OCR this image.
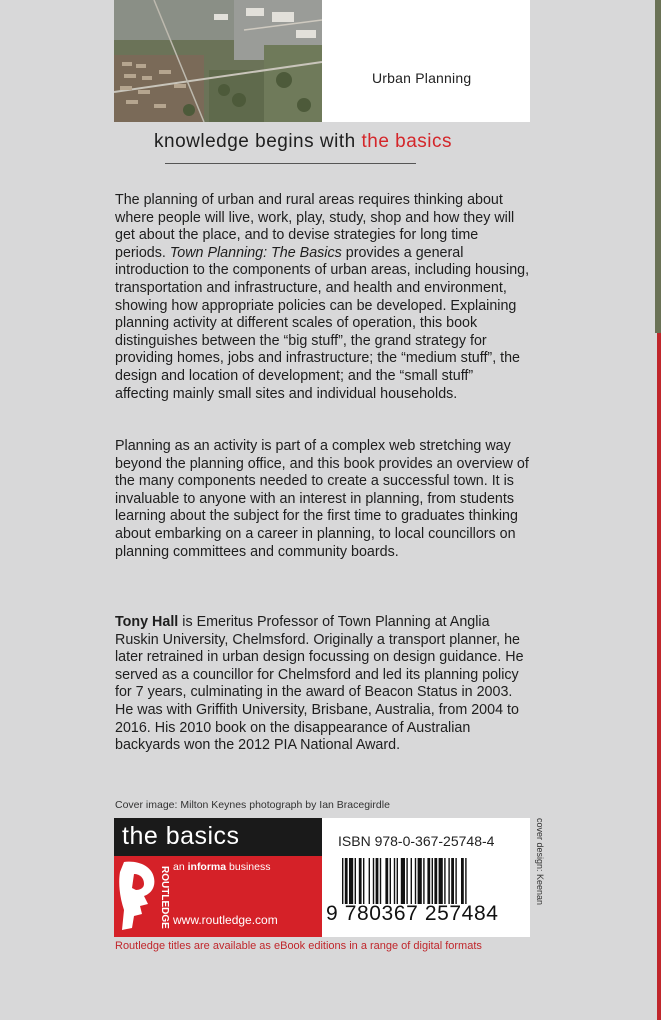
Urban Planning
knowledge begins with the basics

The planning of urban and rural areas requires thinking about where people will live, work, play, study, shop and how they will get about the place, and to devise strategies for long time periods. Town Planning: The Basics provides a general introduction to the components of urban areas, including housing, transportation and infrastructure, and health and environment, showing how appropriate policies can be developed. Explaining planning activity at different scales of operation, this book distinguishes between the “big stuff”, the grand strategy for providing homes, jobs and infrastructure; the “medium stuff”, the design and location of development; and the “small stuff” affecting mainly small sites and individual households.

Planning as an activity is part of a complex web stretching way beyond the planning office, and this book provides an overview of the many components needed to create a successful town. It is invaluable to anyone with an interest in planning, from students learning about the subject for the first time to graduates thinking about embarking on a career in planning, to local councillors on planning committees and community boards.

Tony Hall is Emeritus Professor of Town Planning at Anglia Ruskin University, Chelmsford. Originally a transport planner, he later retrained in urban design focussing on design guidance. He served as a councillor for Chelmsford and led its planning policy for 7 years, culminating in the award of Beacon Status in 2003. He was with Griffith University, Brisbane, Australia, from 2004 to 2016. His 2010 book on the disappearance of Australian backyards won the 2012 PIA National Award.

Cover image: Milton Keynes photograph by Ian Bracegirdle
the basics
ROUTLEDGE an informa business
www.routledge.com
ISBN 978-0-367-25748-4
9 780367 257484
cover design: Keenan
Routledge titles are available as eBook editions in a range of digital formats
